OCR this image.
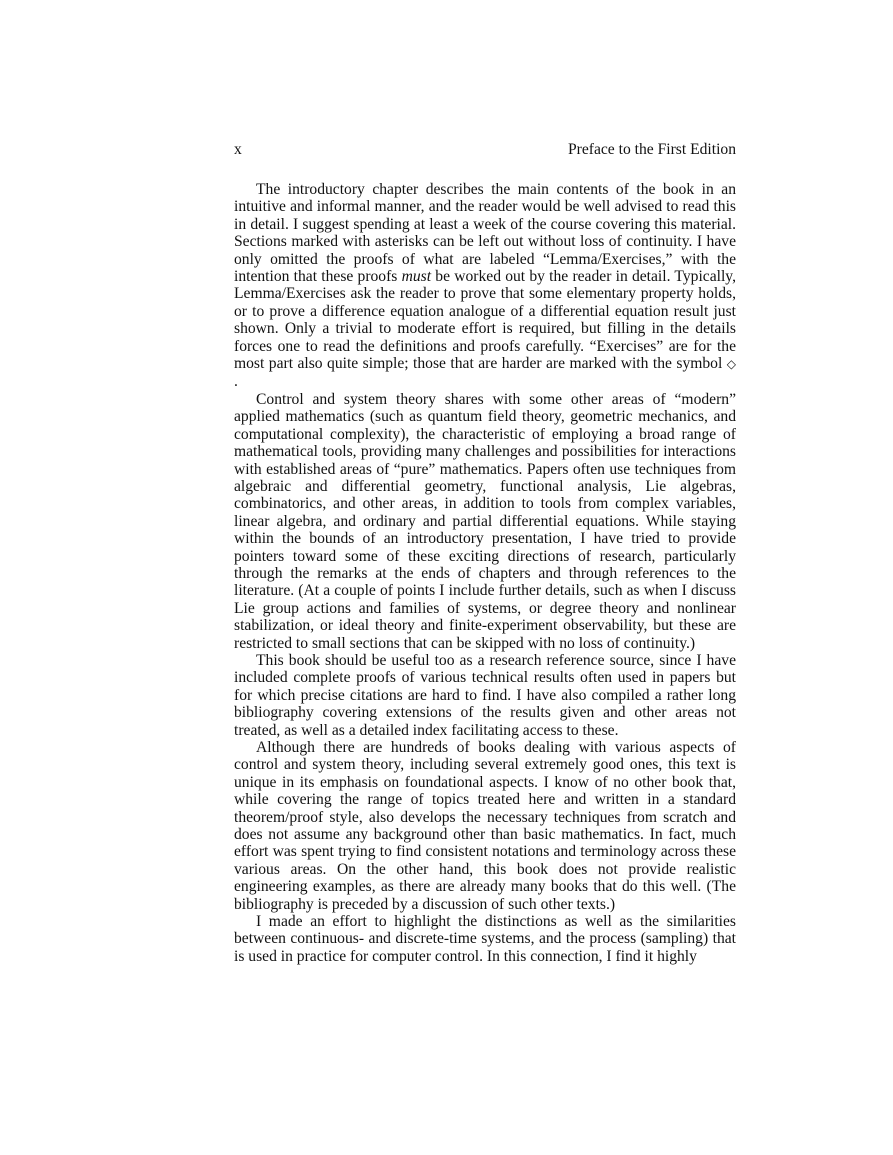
x	Preface to the First Edition

The introductory chapter describes the main contents of the book in an intuitive and informal manner, and the reader would be well advised to read this in detail. I suggest spending at least a week of the course covering this material. Sections marked with asterisks can be left out without loss of continuity. I have only omitted the proofs of what are labeled “Lemma/Exercises,” with the intention that these proofs must be worked out by the reader in detail. Typically, Lemma/Exercises ask the reader to prove that some elementary property holds, or to prove a difference equation analogue of a differential equation result just shown. Only a trivial to moderate effort is required, but filling in the details forces one to read the definitions and proofs carefully. “Exercises” are for the most part also quite simple; those that are harder are marked with the symbol ◇ .

Control and system theory shares with some other areas of “modern” applied mathematics (such as quantum field theory, geometric mechanics, and computational complexity), the characteristic of employing a broad range of mathematical tools, providing many challenges and possibilities for interactions with established areas of “pure” mathematics. Papers often use techniques from algebraic and differential geometry, functional analysis, Lie algebras, combinatorics, and other areas, in addition to tools from complex variables, linear algebra, and ordinary and partial differential equations. While staying within the bounds of an introductory presentation, I have tried to provide pointers toward some of these exciting directions of research, particularly through the remarks at the ends of chapters and through references to the literature. (At a couple of points I include further details, such as when I discuss Lie group actions and families of systems, or degree theory and nonlinear stabilization, or ideal theory and finite-experiment observability, but these are restricted to small sections that can be skipped with no loss of continuity.)

This book should be useful too as a research reference source, since I have included complete proofs of various technical results often used in papers but for which precise citations are hard to find. I have also compiled a rather long bibliography covering extensions of the results given and other areas not treated, as well as a detailed index facilitating access to these.

Although there are hundreds of books dealing with various aspects of control and system theory, including several extremely good ones, this text is unique in its emphasis on foundational aspects. I know of no other book that, while covering the range of topics treated here and written in a standard theorem/proof style, also develops the necessary techniques from scratch and does not assume any background other than basic mathematics. In fact, much effort was spent trying to find consistent notations and terminology across these various areas. On the other hand, this book does not provide realistic engineering examples, as there are already many books that do this well. (The bibliography is preceded by a discussion of such other texts.)

I made an effort to highlight the distinctions as well as the similarities between continuous- and discrete-time systems, and the process (sampling) that is used in practice for computer control. In this connection, I find it highly
